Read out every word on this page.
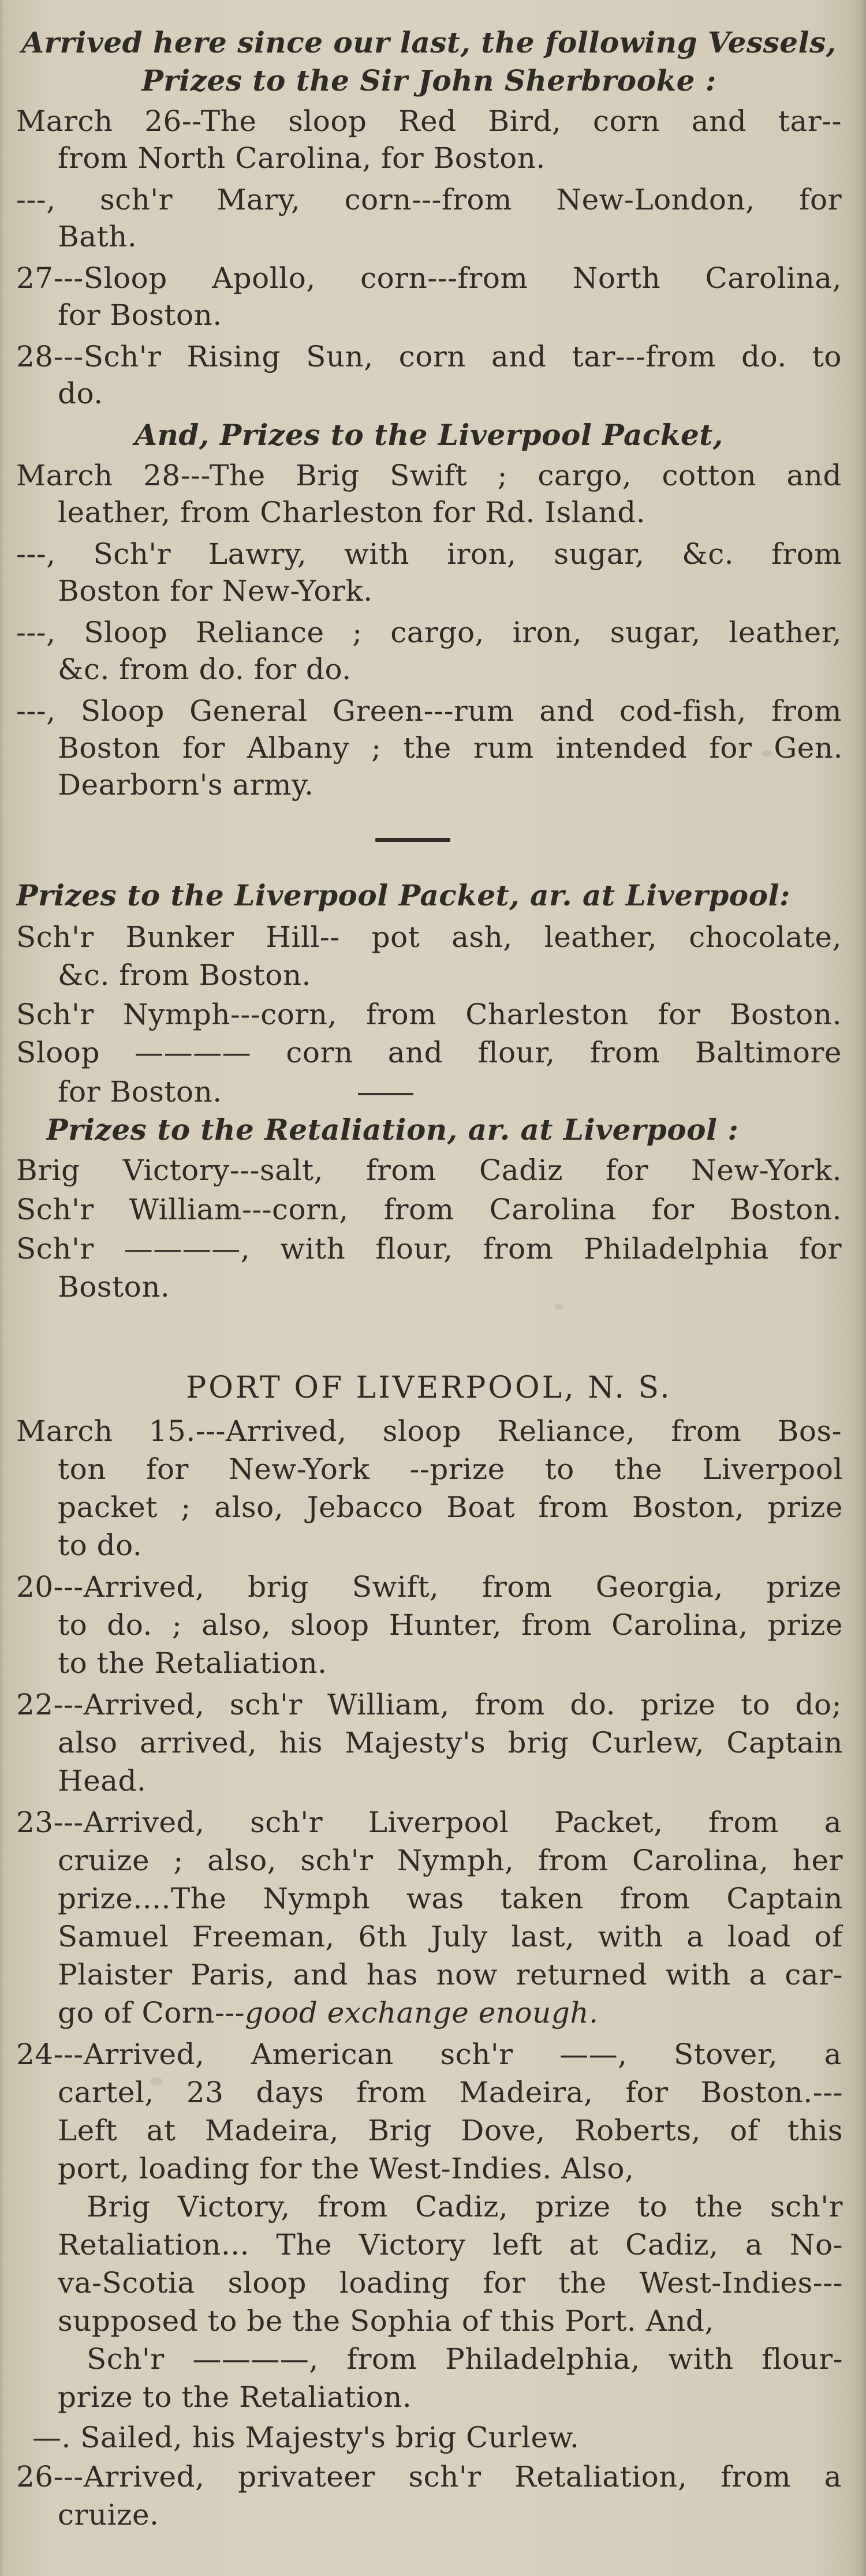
Arrived here since our last, the following Vessels,
Prizes to the Sir John Sherbrooke :
March 26--The sloop Red Bird, corn and tar--
from North Carolina, for Boston.
---, sch'r Mary, corn---from New-London, for
Bath.
27---Sloop Apollo, corn---from North Carolina,
for Boston.
28---Sch'r Rising Sun, corn and tar---from do. to
do.
And, Prizes to the Liverpool Packet,
March 28---The Brig Swift ; cargo, cotton and
leather, from Charleston for Rd. Island.
---, Sch'r Lawry, with iron, sugar, &c. from
Boston for New-York.
---, Sloop Reliance ; cargo, iron, sugar, leather,
&c. from do. for do.
---, Sloop General Green---rum and cod-fish, from
Boston for Albany ; the rum intended for Gen.
Dearborn's army.
Prizes to the Liverpool Packet, ar. at Liverpool:
Sch'r Bunker Hill-- pot ash, leather, chocolate,
&c. from Boston.
Sch'r Nymph---corn, from Charleston for Boston.
Sloop ———— corn and flour, from Baltimore
for Boston.
Prizes to the Retaliation, ar. at Liverpool :
Brig Victory---salt, from Cadiz for New-York.
Sch'r William---corn, from Carolina for Boston.
Sch'r ————, with flour, from Philadelphia for
Boston.
PORT OF LIVERPOOL, N. S.
March 15.---Arrived, sloop Reliance, from Bos-
ton for New-York --prize to the Liverpool
packet ; also, Jebacco Boat from Boston, prize
to do.
20---Arrived, brig Swift, from Georgia, prize
to do. ; also, sloop Hunter, from Carolina, prize
to the Retaliation.
22---Arrived, sch'r William, from do. prize to do;
also arrived, his Majesty's brig Curlew, Captain
Head.
23---Arrived, sch'r Liverpool Packet, from a
cruize ; also, sch'r Nymph, from Carolina, her
prize....The Nymph was taken from Captain
Samuel Freeman, 6th July last, with a load of
Plaister Paris, and has now returned with a car-
go of Corn---good exchange enough.
24---Arrived, American sch'r ——, Stover, a
cartel, 23 days from Madeira, for Boston.---
Left at Madeira, Brig Dove, Roberts, of this
port, loading for the West-Indies. Also,
Brig Victory, from Cadiz, prize to the sch'r
Retaliation... The Victory left at Cadiz, a No-
va-Scotia sloop loading for the West-Indies---
supposed to be the Sophia of this Port. And,
Sch'r ————, from Philadelphia, with flour-
prize to the Retaliation.
—. Sailed, his Majesty's brig Curlew.
26---Arrived, privateer sch'r Retaliation, from a
cruize.
